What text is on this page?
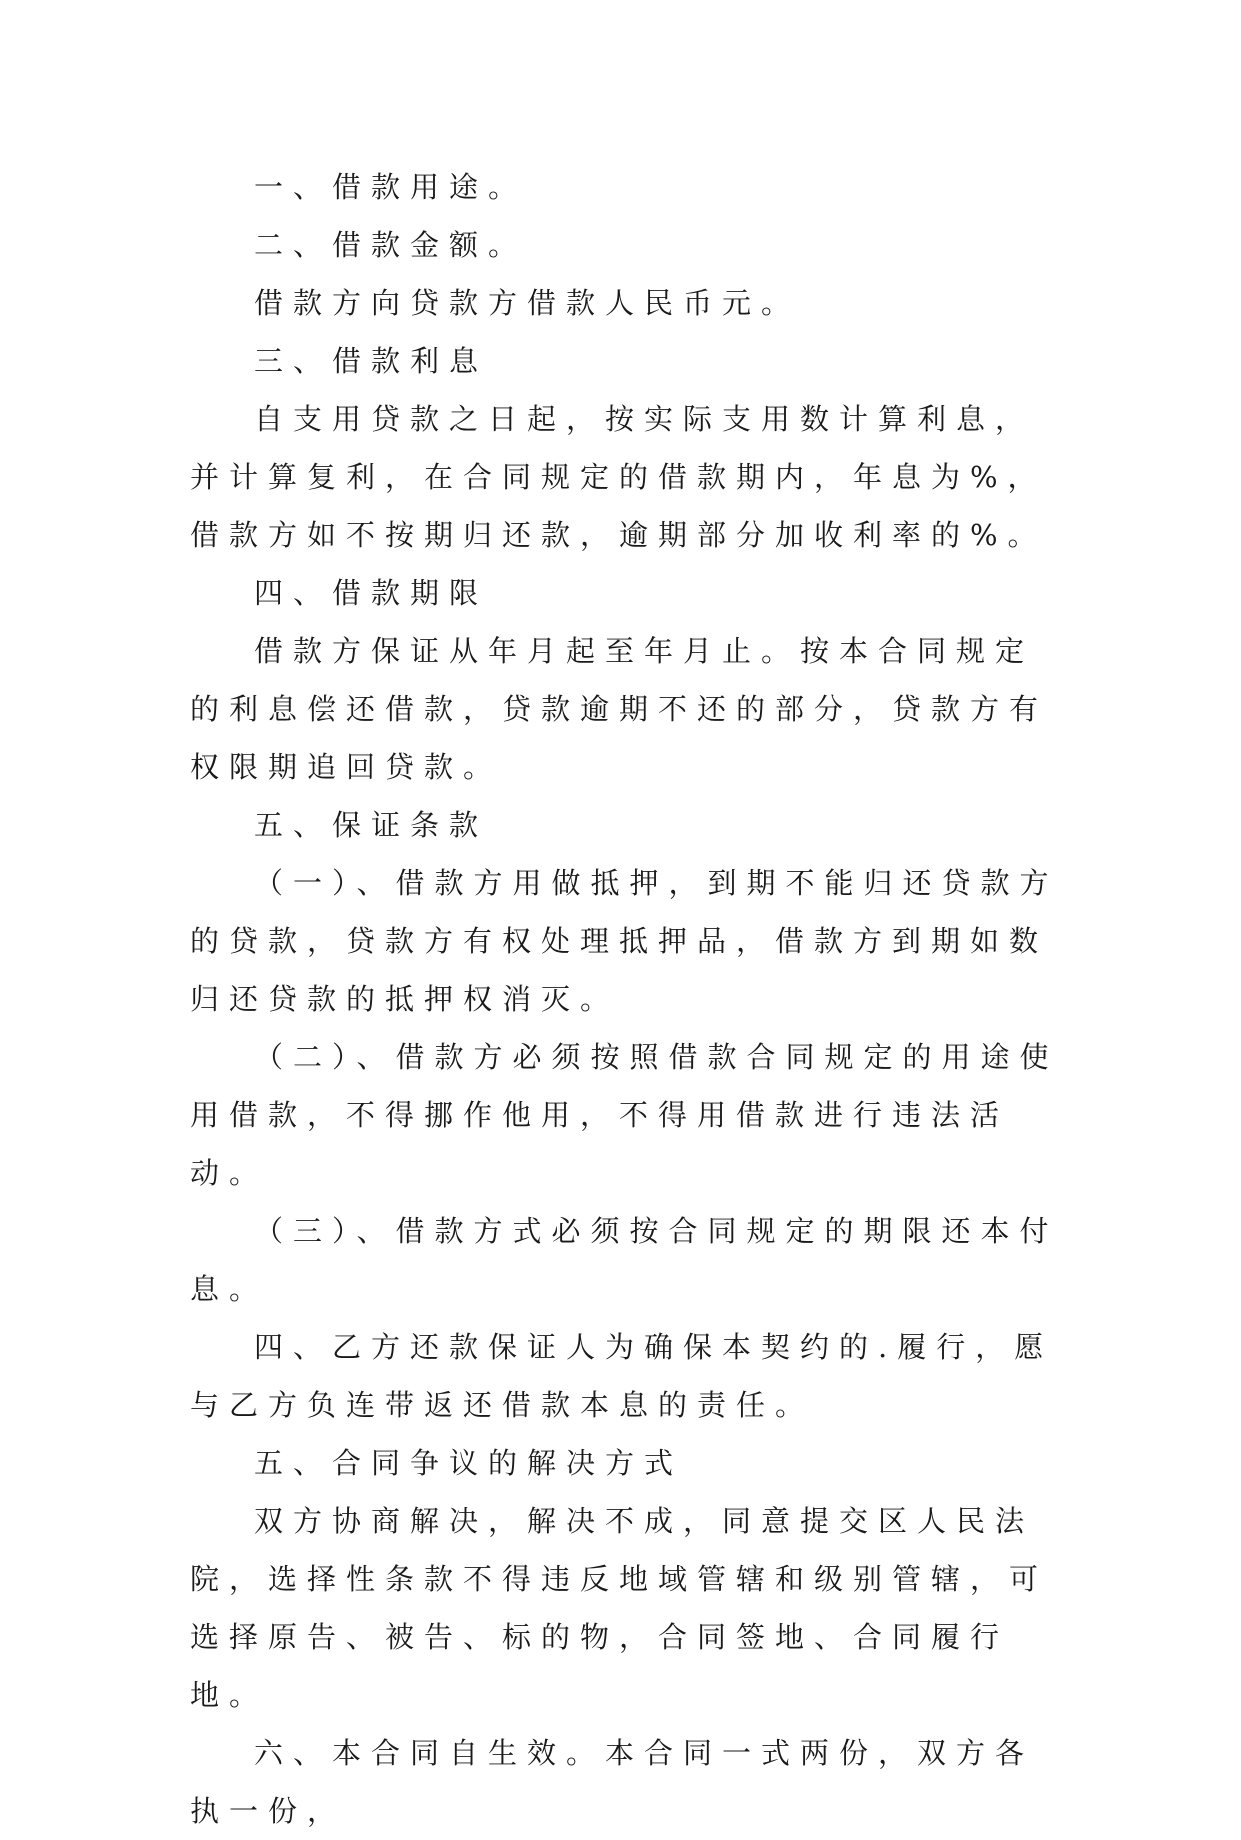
一、借款用途。

二、借款金额。

借款方向贷款方借款人民币元。

三、借款利息

自支用贷款之日起，按实际支用数计算利息，并计算复利，在合同规定的借款期内，年息为%，借款方如不按期归还款，逾期部分加收利率的%。

四、借款期限

借款方保证从年月起至年月止。按本合同规定的利息偿还借款，贷款逾期不还的部分，贷款方有权限期追回贷款。

五、保证条款

（一）、借款方用做抵押，到期不能归还贷款方的贷款，贷款方有权处理抵押品，借款方到期如数归还贷款的抵押权消灭。

（二）、借款方必须按照借款合同规定的用途使用借款，不得挪作他用，不得用借款进行违法活动。

（三）、借款方式必须按合同规定的期限还本付息。

四、乙方还款保证人为确保本契约的.履行，愿与乙方负连带返还借款本息的责任。

五、合同争议的解决方式

双方协商解决，解决不成，同意提交区人民法院，选择性条款不得违反地域管辖和级别管辖，可选择原告、被告、标的物，合同签地、合同履行地。

六、本合同自生效。本合同一式两份，双方各执一份，
